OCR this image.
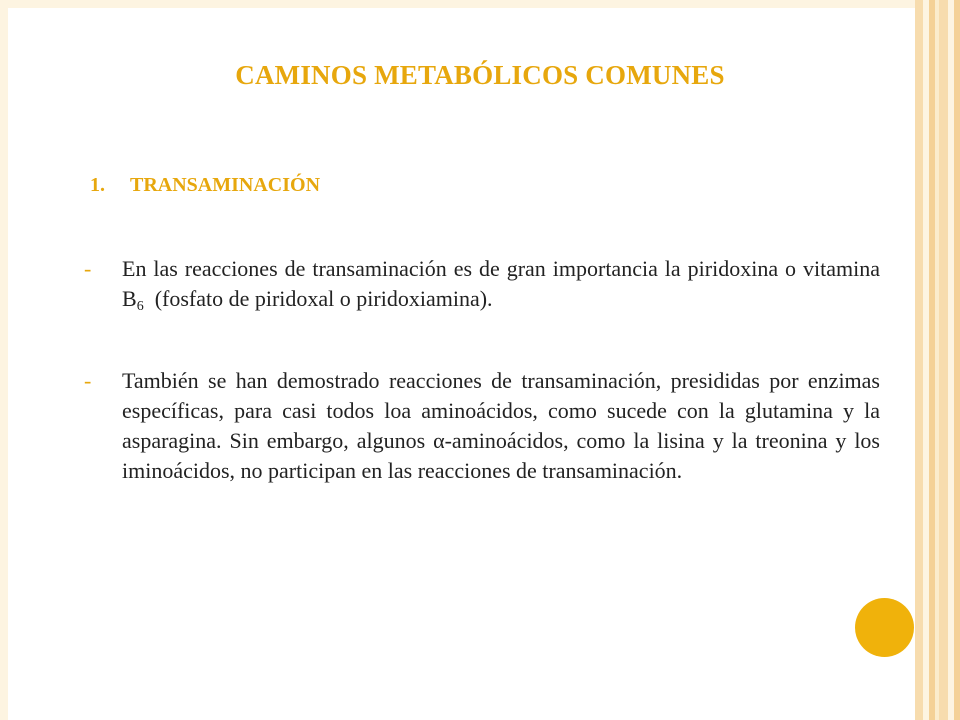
CAMINOS METABÓLICOS COMUNES
1. TRANSAMINACIÓN
- En las reacciones de transaminación es de gran importancia la piridoxina o vitamina $B_6$  (fosfato de piridoxal o piridoxiamina).
- También se han demostrado reacciones de transaminación, presididas por enzimas específicas, para casi todos loa aminoácidos, como sucede con la glutamina y la asparagina. Sin embargo, algunos α-aminoácidos, como la lisina y la treonina y los iminoácidos, no participan en las reacciones de transaminación.
